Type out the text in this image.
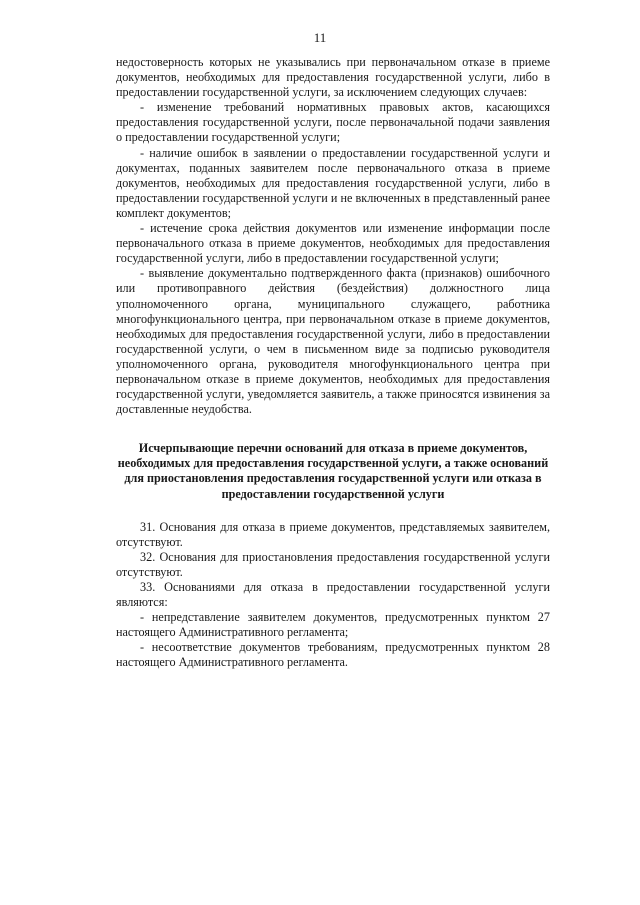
11

недостоверность которых не указывались при первоначальном отказе в приеме документов, необходимых для предоставления государственной услуги, либо в предоставлении государственной услуги, за исключением следующих случаев:

- изменение требований нормативных правовых актов, касающихся предоставления государственной услуги, после первоначальной подачи заявления о предоставлении государственной услуги;

- наличие ошибок в заявлении о предоставлении государственной услуги и документах, поданных заявителем после первоначального отказа в приеме документов, необходимых для предоставления государственной услуги, либо в предоставлении государственной услуги и не включенных в представленный ранее комплект документов;

- истечение срока действия документов или изменение информации после первоначального отказа в приеме документов, необходимых для предоставления государственной услуги, либо в предоставлении государственной услуги;

- выявление документально подтвержденного факта (признаков) ошибочного или противоправного действия (бездействия) должностного лица уполномоченного органа, муниципального служащего, работника многофункционального центра, при первоначальном отказе в приеме документов, необходимых для предоставления государственной услуги, либо в предоставлении государственной услуги, о чем в письменном виде за подписью руководителя уполномоченного органа, руководителя многофункционального центра при первоначальном отказе в приеме документов, необходимых для предоставления государственной услуги, уведомляется заявитель, а также приносятся извинения за доставленные неудобства.

Исчерпывающие перечни оснований для отказа в приеме документов, необходимых для предоставления государственной услуги, а также оснований для приостановления предоставления государственной услуги или отказа в предоставлении государственной услуги

31. Основания для отказа в приеме документов, представляемых заявителем, отсутствуют.

32. Основания для приостановления предоставления государственной услуги отсутствуют.

33. Основаниями для отказа в предоставлении государственной услуги являются:

- непредставление заявителем документов, предусмотренных пунктом 27 настоящего Административного регламента;

- несоответствие документов требованиям, предусмотренных пунктом 28 настоящего Административного регламента.
